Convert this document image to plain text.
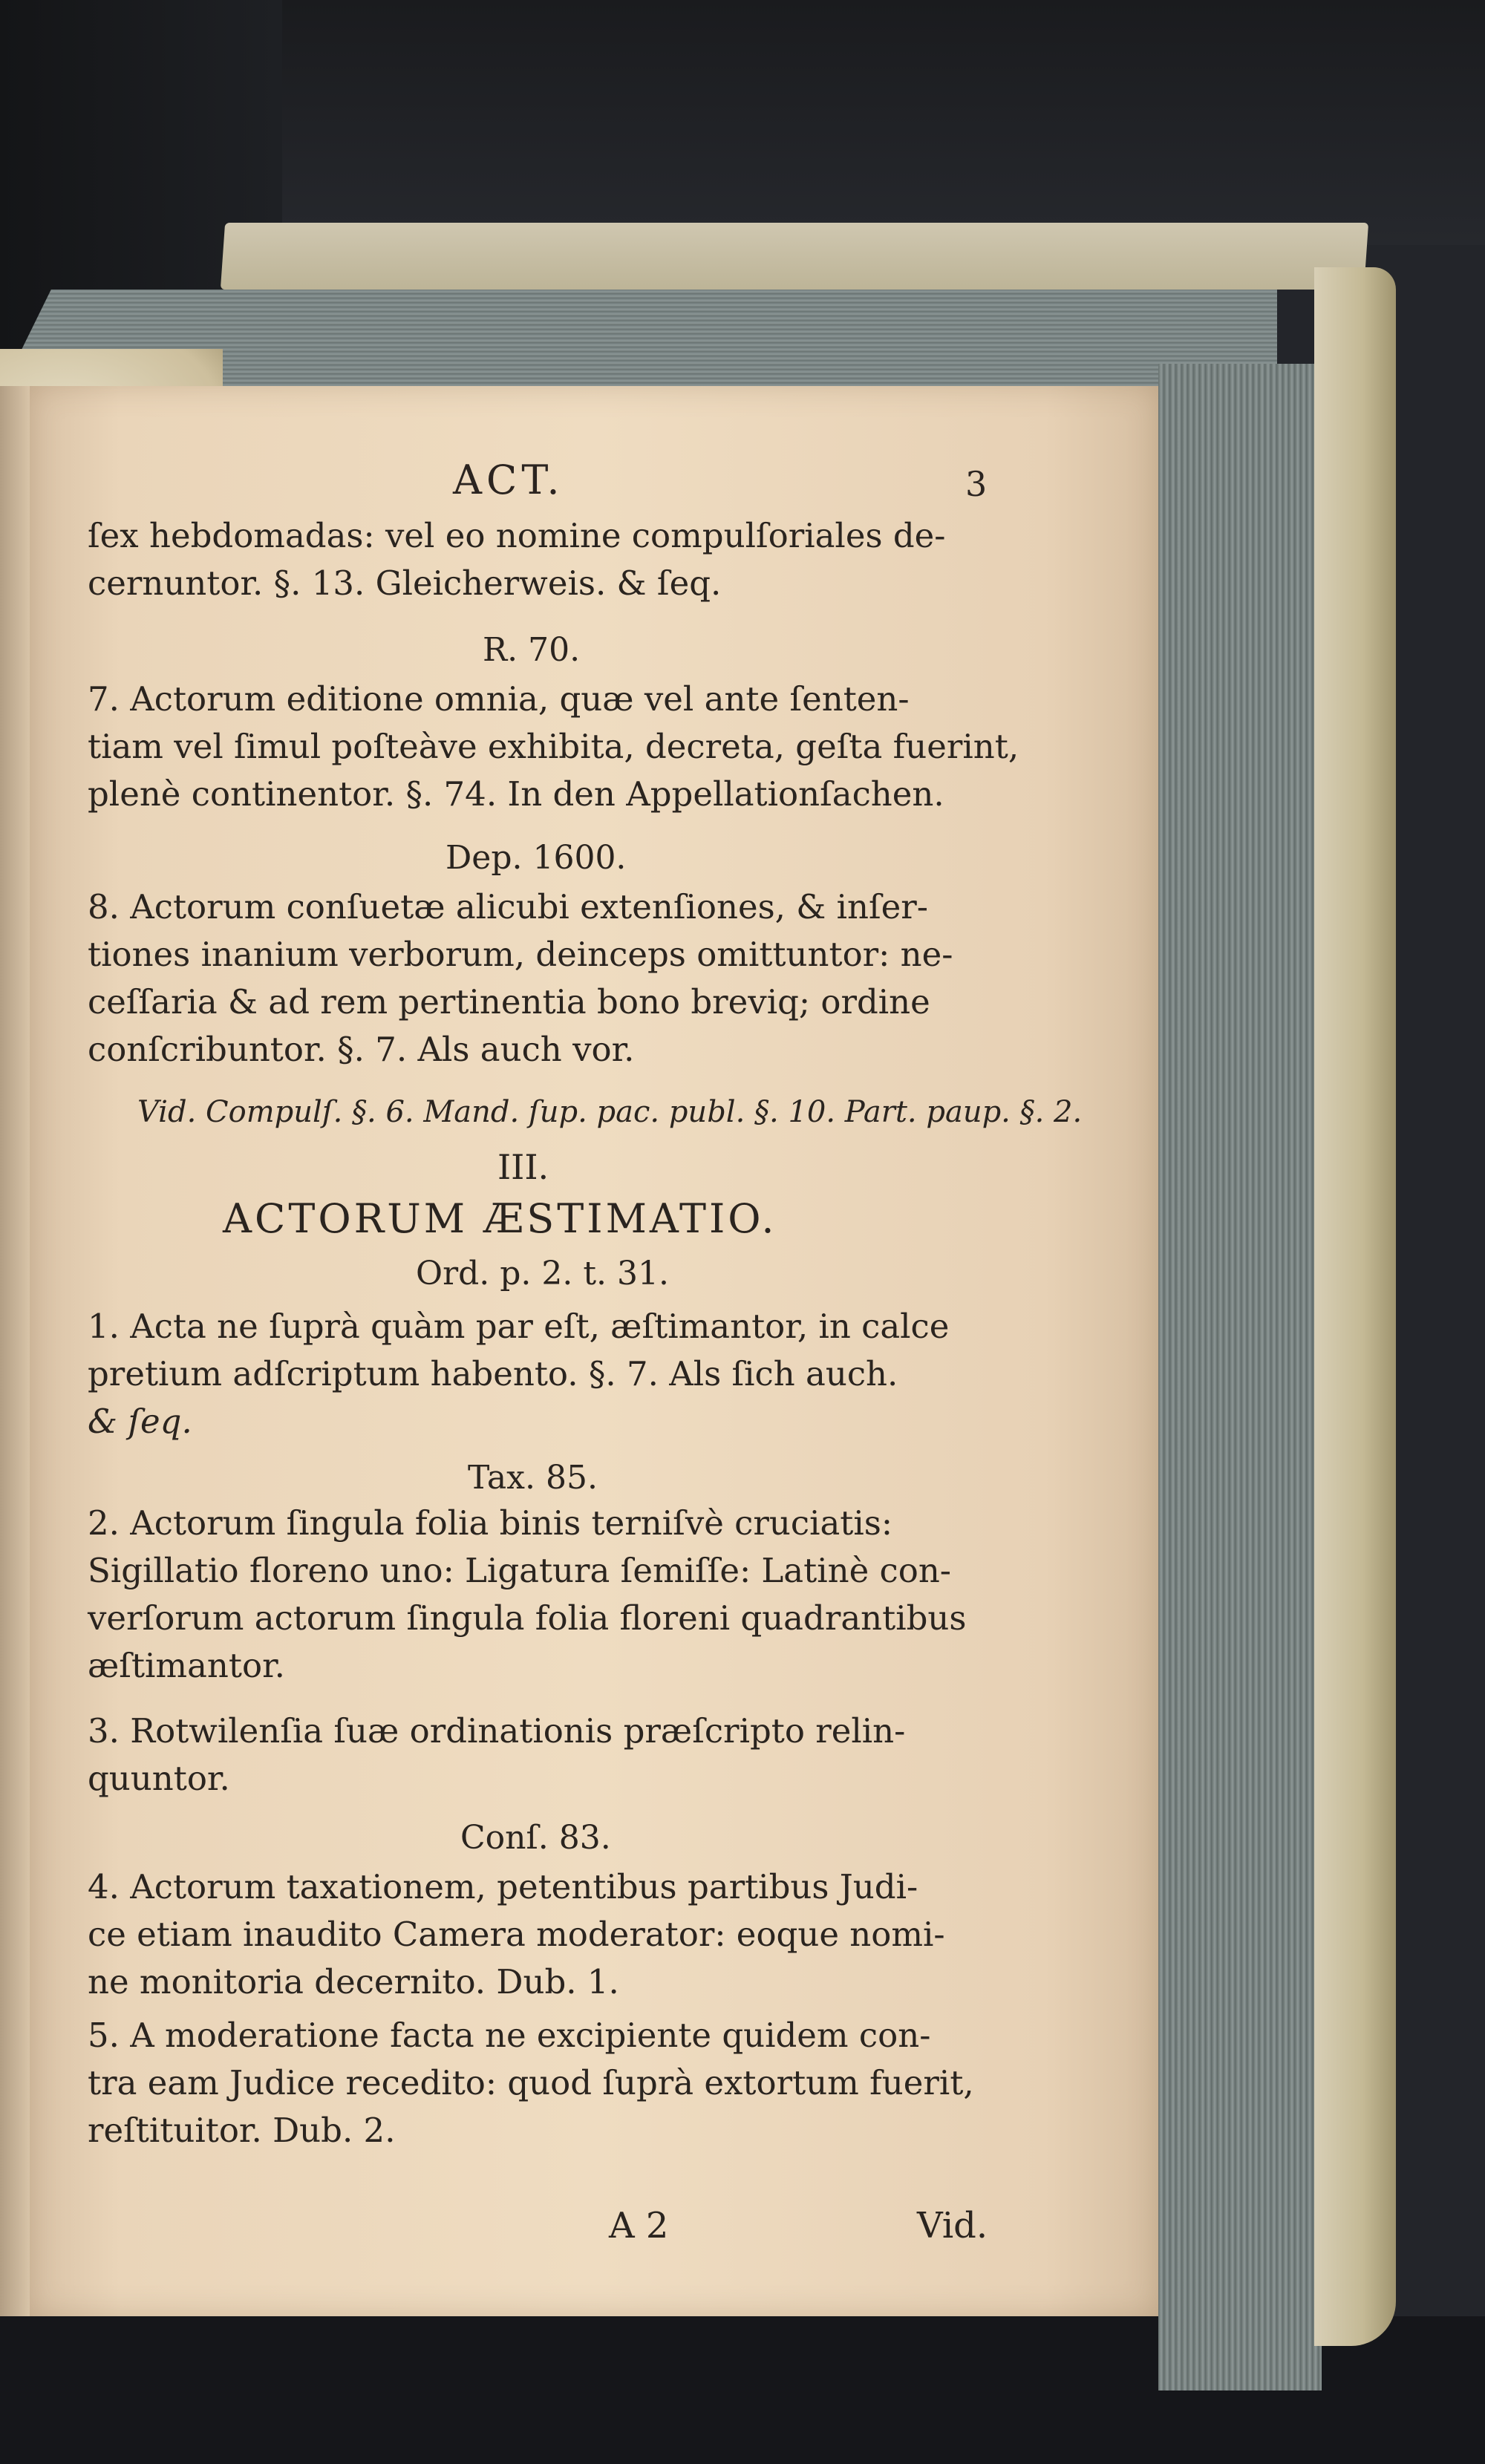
ACT.	3
ſex hebdomadas: vel eo nomine compulſoriales de-
cernuntor. §. 13. Gleicherweis. & ſeq.
R. 70.
7. Actorum editione omnia, quæ vel ante ſenten-
tiam vel ſimul poſteàve exhibita, decreta, geſta fuerint,
plenè continentor. §. 74. In den Appellationſachen.
Dep. 1600.
8. Actorum conſuetæ alicubi extenſiones, & inſer-
tiones inanium verborum, deinceps omittuntor: ne-
ceſſaria & ad rem pertinentia bono breviq; ordine
conſcribuntor. §. 7. Als auch vor.
Vid. Compulſ. §. 6. Mand. ſup. pac. publ. §. 10. Part. paup. §. 2.
III.
ACTORUM ÆSTIMATIO.
Ord. p. 2. t. 31.
1. Acta ne ſuprà quàm par eſt, æſtimantor, in calce
pretium adſcriptum habento. §. 7. Als ſich auch.
& ſeq.
Tax. 85.
2. Actorum ſingula folia binis terniſvè cruciatis:
Sigillatio floreno uno: Ligatura ſemiſſe: Latinè con-
verſorum actorum ſingula folia floreni quadrantibus
æſtimantor.
3. Rotwilenſia ſuæ ordinationis præſcripto relin-
quuntor.
Conſ. 83.
4. Actorum taxationem, petentibus partibus Judi-
ce etiam inaudito Camera moderator: eoque nomi-
ne monitoria decernito. Dub. 1.
5. A moderatione facta ne excipiente quidem con-
tra eam Judice recedito: quod ſuprà extortum fuerit,
reſtituitor. Dub. 2.
A 2	Vid.
